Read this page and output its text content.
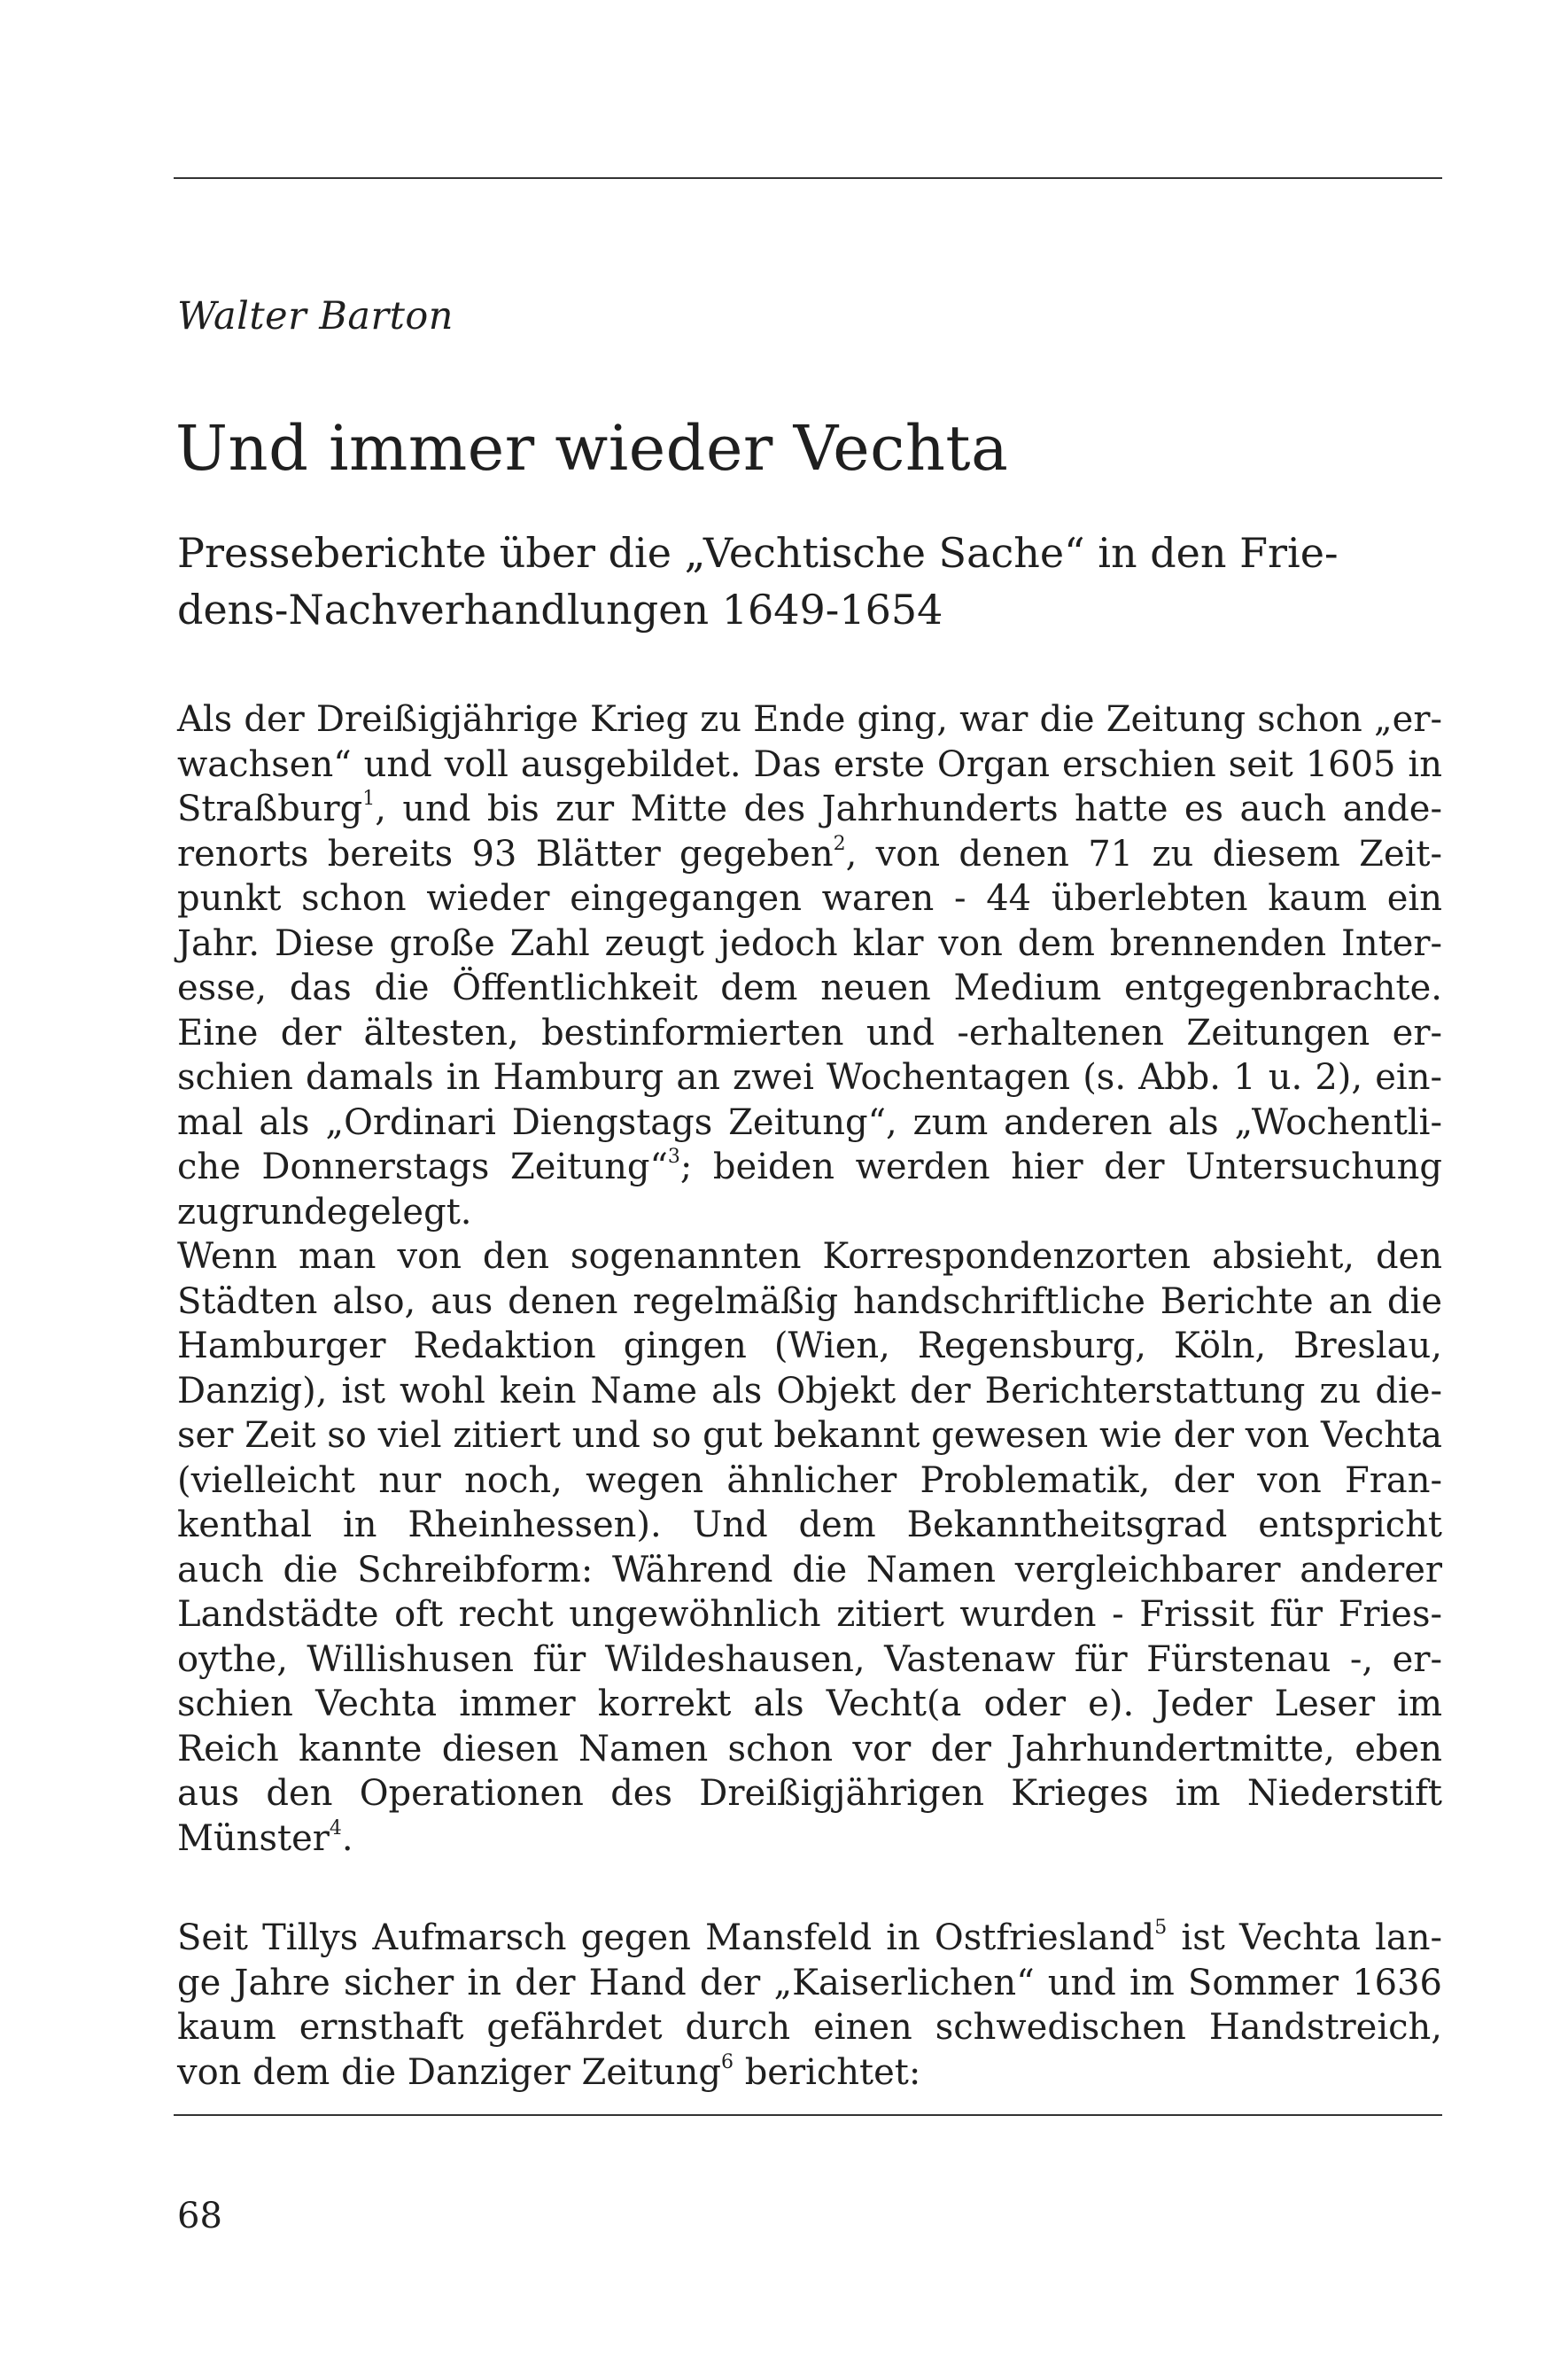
Walter Barton

Und immer wieder Vechta
Presseberichte über die „Vechtische Sache“ in den Frie-
dens-Nachverhandlungen 1649-1654
Als der Dreißigjährige Krieg zu Ende ging, war die Zeitung schon „er-
wachsen“ und voll ausgebildet. Das erste Organ erschien seit 1605 in
Straßburg$^1$, und bis zur Mitte des Jahrhunderts hatte es auch ande-
renorts bereits 93 Blätter gegeben$^2$, von denen 71 zu diesem Zeit-
punkt schon wieder eingegangen waren - 44 überlebten kaum ein
Jahr. Diese große Zahl zeugt jedoch klar von dem brennenden Inter-
esse, das die Öffentlichkeit dem neuen Medium entgegenbrachte.
Eine der ältesten, bestinformierten und -erhaltenen Zeitungen er-
schien damals in Hamburg an zwei Wochentagen (s. Abb. 1 u. 2), ein-
mal als „Ordinari Diengstags Zeitung“, zum anderen als „Wochentli-
che Donnerstags Zeitung“$^3$; beiden werden hier der Untersuchung
zugrundegelegt.
Wenn man von den sogenannten Korrespondenzorten absieht, den
Städten also, aus denen regelmäßig handschriftliche Berichte an die
Hamburger Redaktion gingen (Wien, Regensburg, Köln, Breslau,
Danzig), ist wohl kein Name als Objekt der Berichterstattung zu die-
ser Zeit so viel zitiert und so gut bekannt gewesen wie der von Vechta
(vielleicht nur noch, wegen ähnlicher Problematik, der von Fran-
kenthal in Rheinhessen). Und dem Bekanntheitsgrad entspricht
auch die Schreibform: Während die Namen vergleichbarer anderer
Landstädte oft recht ungewöhnlich zitiert wurden - Frissit für Fries-
oythe, Willishusen für Wildeshausen, Vastenaw für Fürstenau -, er-
schien Vechta immer korrekt als Vecht(a oder e). Jeder Leser im
Reich kannte diesen Namen schon vor der Jahrhundertmitte, eben
aus den Operationen des Dreißigjährigen Krieges im Niederstift
Münster$^4$.
Seit Tillys Aufmarsch gegen Mansfeld in Ostfriesland$^5$ ist Vechta lan-
ge Jahre sicher in der Hand der „Kaiserlichen“ und im Sommer 1636
kaum ernsthaft gefährdet durch einen schwedischen Handstreich,
von dem die Danziger Zeitung$^6$ berichtet:

68
